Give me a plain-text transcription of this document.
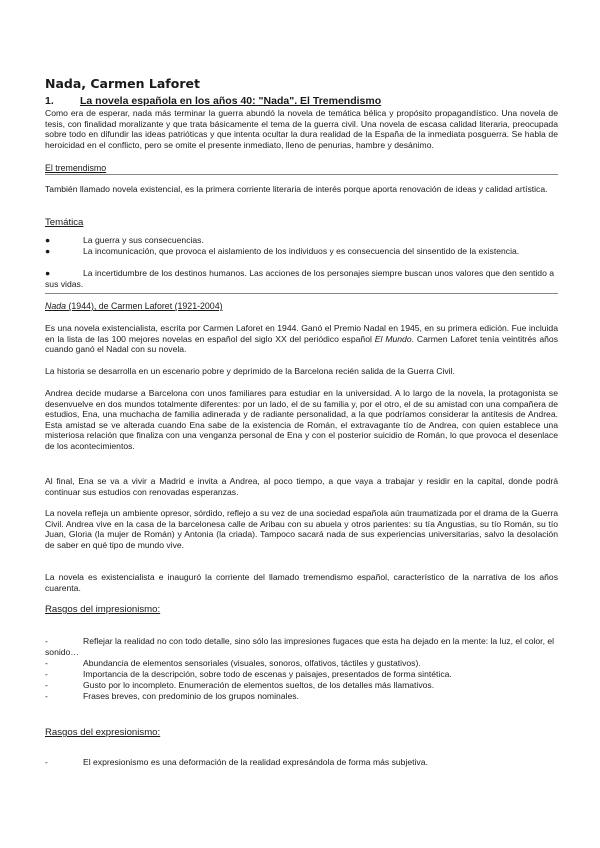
Nada, Carmen Laforet
1. La novela española en los años 40: "Nada". El Tremendismo
Como era de esperar, nada más terminar la guerra abundó la novela de temática bélica y propósito propagandístico. Una novela de tesis, con finalidad moralizante y que trata básicamente el tema de la guerra civil. Una novela de escasa calidad literaria, preocupada sobre todo en difundir las ideas patrióticas y que intenta ocultar la dura realidad de la España de la inmediata posguerra. Se habla de heroicidad en el conflicto, pero se omite el presente inmediato, lleno de penurias, hambre y desánimo.
El tremendismo
También llamado novela existencial, es la primera corriente literaria de interés porque aporta renovación de ideas y calidad artística.
Temática
●	La guerra y sus consecuencias.
●	La incomunicación, que provoca el aislamiento de los individuos y es consecuencia del sinsentido de la existencia.
●	La incertidumbre de los destinos humanos. Las acciones de los personajes siempre buscan unos valores que den sentido a sus vidas.
Nada (1944), de Carmen Laforet (1921-2004)
Es una novela existencialista, escrita por Carmen Laforet en 1944. Ganó el Premio Nadal en 1945, en su primera edición. Fue incluida en la lista de las 100 mejores novelas en español del siglo XX del periódico español El Mundo. Carmen Laforet tenía veintitrés años cuando ganó el Nadal con su novela.
La historia se desarrolla en un escenario pobre y deprimido de la Barcelona recién salida de la Guerra Civil.
Andrea decide mudarse a Barcelona con unos familiares para estudiar en la universidad. A lo largo de la novela, la protagonista se desenvuelve en dos mundos totalmente diferentes: por un lado, el de su familia y, por el otro, el de su amistad con una compañera de estudios, Ena, una muchacha de familia adinerada y de radiante personalidad, a la que podríamos considerar la antítesis de Andrea. Esta amistad se ve alterada cuando Ena sabe de la existencia de Román, el extravagante tío de Andrea, con quien establece una misteriosa relación que finaliza con una venganza personal de Ena y con el posterior suicidio de Román, lo que provoca el desenlace de los acontecimientos.
Al final, Ena se va a vivir a Madrid e invita a Andrea, al poco tiempo, a que vaya a trabajar y residir en la capital, donde podrá continuar sus estudios con renovadas esperanzas.
La novela refleja un ambiente opresor, sórdido, reflejo a su vez de una sociedad española aún traumatizada por el drama de la Guerra Civil. Andrea vive en la casa de la barcelonesa calle de Aribau con su abuela y otros parientes: su tía Angustias, su tío Román, su tío Juan, Gloria (la mujer de Román) y Antonia (la criada). Tampoco sacará nada de sus experiencias universitarias, salvo la desolación de saber en qué tipo de mundo vive.
La novela es existencialista e inauguró la corriente del llamado tremendismo español, característico de la narrativa de los años cuarenta.
Rasgos del impresionismo:
-	Reflejar la realidad no con todo detalle, sino sólo las impresiones fugaces que esta ha dejado en la mente: la luz, el color, el sonido…
-	Abundancia de elementos sensoriales (visuales, sonoros, olfativos, táctiles y gustativos).
-	Importancia de la descripción, sobre todo de escenas y paisajes, presentados de forma sintética.
-	Gusto por lo incompleto. Enumeración de elementos sueltos, de los detalles más llamativos.
-	Frases breves, con predominio de los grupos nominales.
Rasgos del expresionismo:
-	El expresionismo es una deformación de la realidad expresándola de forma más subjetiva.
